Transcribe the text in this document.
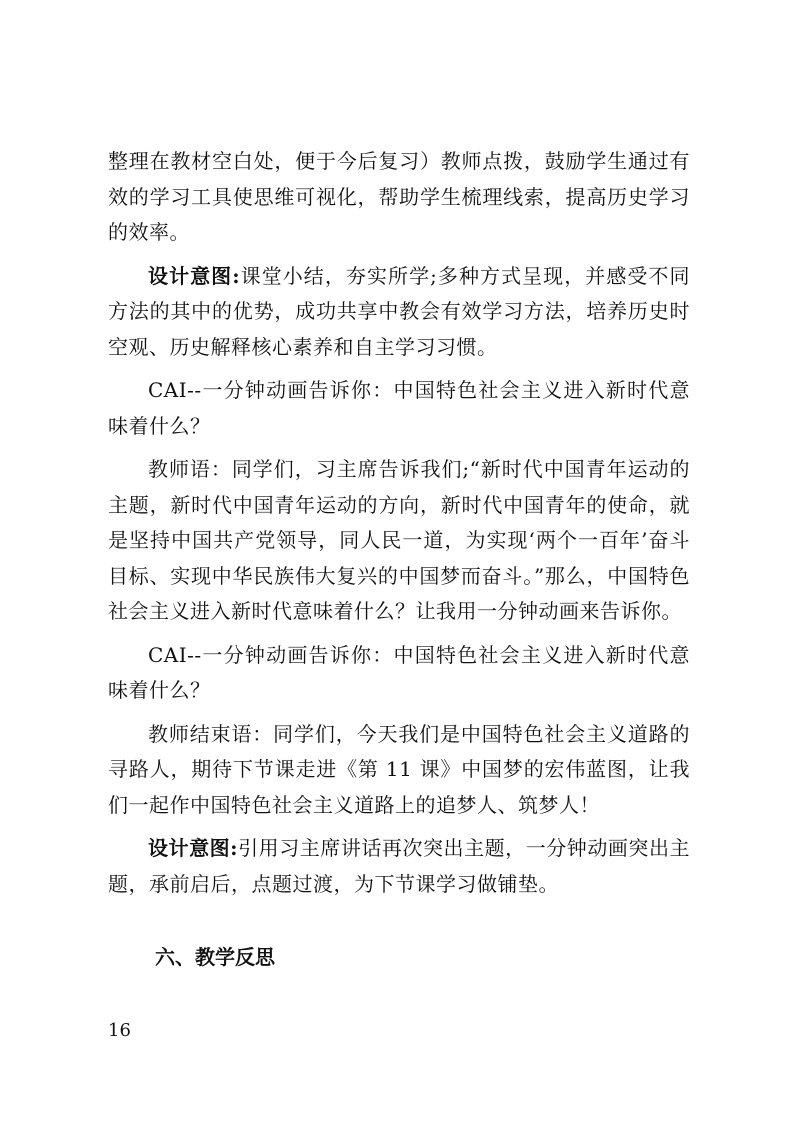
整理在教材空白处，便于今后复习）教师点拨，鼓励学生通过有效的学习工具使思维可视化，帮助学生梳理线索，提高历史学习的效率。

设计意图:课堂小结，夯实所学;多种方式呈现，并感受不同方法的其中的优势，成功共享中教会有效学习方法，培养历史时空观、历史解释核心素养和自主学习习惯。

CAI--一分钟动画告诉你：中国特色社会主义进入新时代意味着什么？

教师语：同学们，习主席告诉我们;“新时代中国青年运动的主题，新时代中国青年运动的方向，新时代中国青年的使命，就是坚持中国共产党领导，同人民一道，为实现‘两个一百年’奋斗目标、实现中华民族伟大复兴的中国梦而奋斗。”那么，中国特色社会主义进入新时代意味着什么？让我用一分钟动画来告诉你。

CAI--一分钟动画告诉你：中国特色社会主义进入新时代意味着什么？

教师结束语：同学们，今天我们是中国特色社会主义道路的寻路人，期待下节课走进《第 11 课》中国梦的宏伟蓝图，让我们一起作中国特色社会主义道路上的追梦人、筑梦人！

设计意图:引用习主席讲话再次突出主题，一分钟动画突出主题，承前启后，点题过渡，为下节课学习做铺垫。

六、教学反思
16
